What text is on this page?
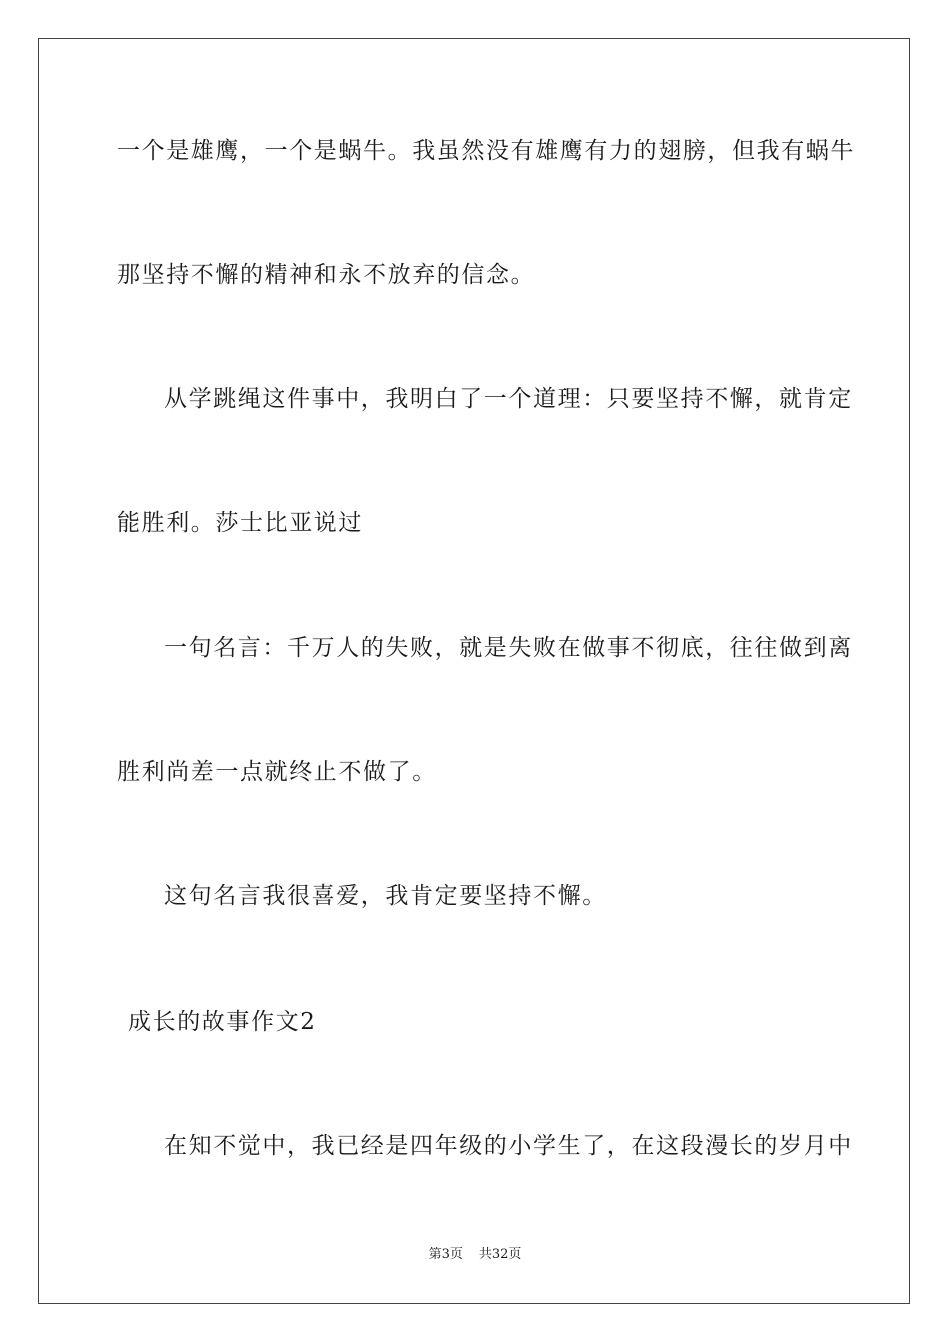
一个是雄鹰，一个是蜗牛。我虽然没有雄鹰有力的翅膀，但我有蜗牛
那坚持不懈的精神和永不放弃的信念。
从学跳绳这件事中，我明白了一个道理：只要坚持不懈，就肯定
能胜利。莎士比亚说过
一句名言：千万人的失败，就是失败在做事不彻底，往往做到离
胜利尚差一点就终止不做了。
这句名言我很喜爱，我肯定要坚持不懈。
成长的故事作文2
在知不觉中，我已经是四年级的小学生了，在这段漫长的岁月中
第3页 共32页
